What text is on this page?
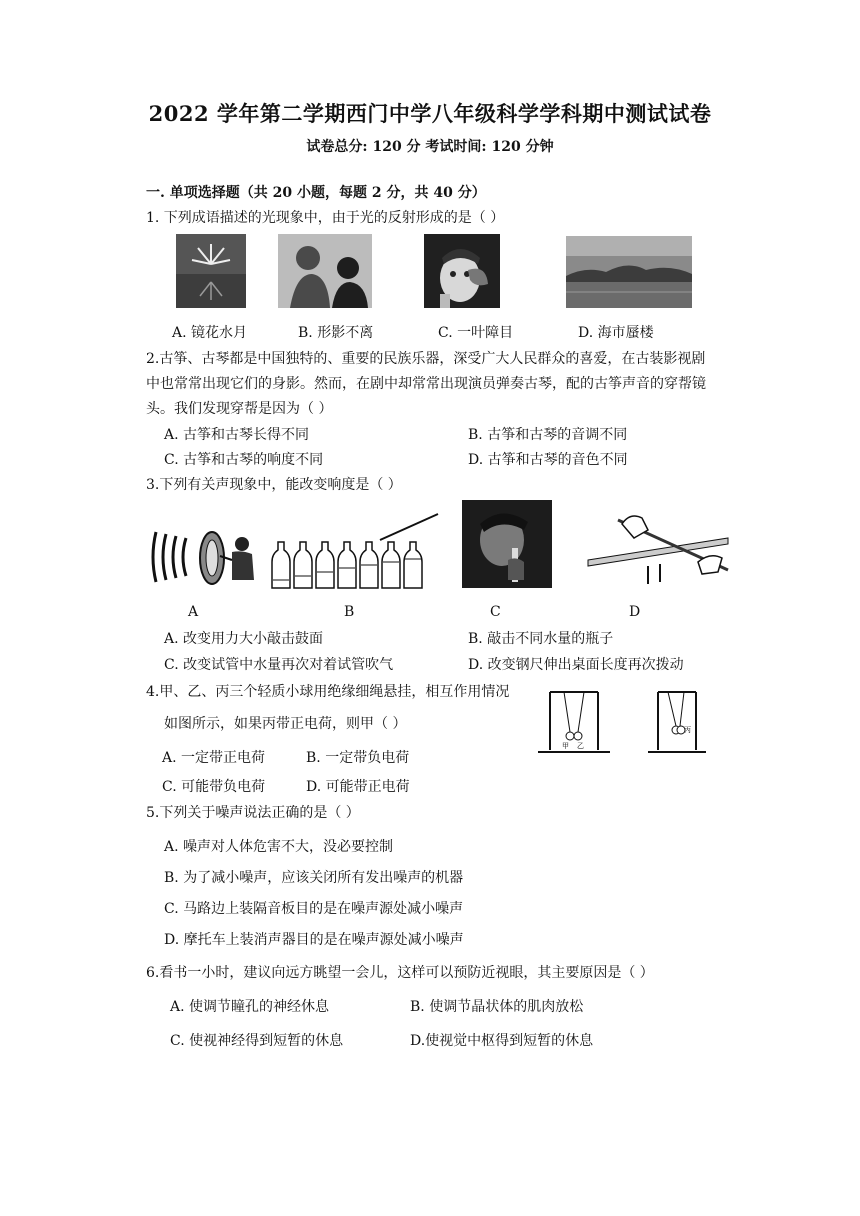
2022 学年第二学期西门中学八年级科学学科期中测试试卷
试卷总分: 120 分 考试时间: 120 分钟
一. 单项选择题（共 20 小题，每题 2 分，共 40 分）
1. 下列成语描述的光现象中，由于光的反射形成的是（ ）
A. 镜花水月	B. 形影不离	C. 一叶障目	D. 海市蜃楼
2.古筝、古琴都是中国独特的、重要的民族乐器，深受广大人民群众的喜爱，在古装影视剧
中也常常出现它们的身影。然而，在剧中却常常出现演员弹奏古琴，配的古筝声音的穿帮镜
头。我们发现穿帮是因为（ ）
A. 古筝和古琴长得不同	B. 古筝和古琴的音调不同
C. 古筝和古琴的响度不同	D. 古筝和古琴的音色不同
3.下列有关声现象中，能改变响度是（ ）
A	B	C	D
A. 改变用力大小敲击鼓面	B. 敲击不同水量的瓶子
C. 改变试管中水量再次对着试管吹气	D. 改变钢尺伸出桌面长度再次拨动
4.甲、乙、丙三个轻质小球用绝缘细绳悬挂，相互作用情况
如图所示，如果丙带正电荷，则甲（ ）
A. 一定带正电荷	B. 一定带负电荷
C. 可能带负电荷	D. 可能带正电荷
甲 乙
丙
5.下列关于噪声说法正确的是（ ）
A. 噪声对人体危害不大，没必要控制
B. 为了减小噪声，应该关闭所有发出噪声的机器
C. 马路边上装隔音板目的是在噪声源处减小噪声
D. 摩托车上装消声器目的是在噪声源处减小噪声
6.看书一小时，建议向远方眺望一会儿，这样可以预防近视眼，其主要原因是（ ）
A. 使调节瞳孔的神经休息	B. 使调节晶状体的肌肉放松
C. 使视神经得到短暂的休息	D.使视觉中枢得到短暂的休息
